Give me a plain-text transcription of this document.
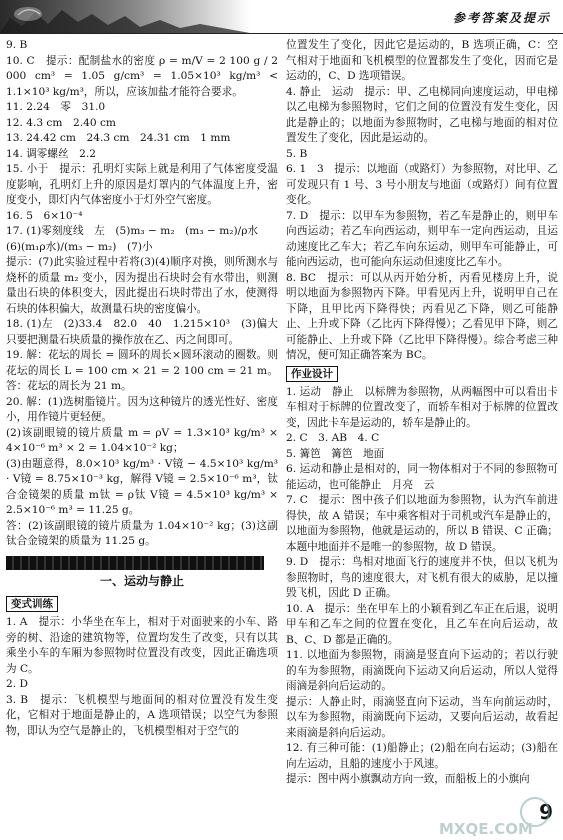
参考答案及提示
9. B
10. C　提示：配制盐水的密度 ρ = m/V = 2 100 g / 2 000 cm³ = 1.05 g/cm³ = 1.05×10³ kg/m³ < 1.1×10³ kg/m³，所以，应该加盐才能符合要求。
11. 2.24　零　31.0
12. 4.3 cm　2.40 cm
13. 24.42 cm　24.3 cm　24.31 cm　1 mm
14. 调零螺丝　2.2
15. 小于　提示：孔明灯实际上就是利用了气体密度受温度影响，孔明灯上升的原因是灯罩内的气体温度上升，密度变小，即灯内气体密度小于灯外空气密度。
16. 5　6×10⁻⁴
17. (1)零刻度线　左　(5)m₃ − m₂　(m₃ − m₂)/ρ水
(6)(m₁ρ水)/(m₃ − m₂)　(7)小
提示：(7)此实验过程中若将(3)(4)顺序对换，则所测水与烧杯的质量 m₂ 变小，因为提出石块时会有水带出，则测量出石块的体积变大，因此提出石块时带出了水，使测得石块的体积偏大，故测量石块的密度偏小。
18. (1)左　(2)33.4　82.0　40　1.215×10³　(3)偏大　只要把测量石块质量的操作放在乙、丙之间即可。
19. 解：花坛的周长 = 圆环的周长×圆环滚动的圈数。则花坛的周长 L = 100 cm × 21 = 2 100 cm = 21 m。答：花坛的周长为 21 m。
20. 解：(1)选树脂镜片。因为这种镜片的透光性好、密度小，用作镜片更轻便。
(2)该副眼镜的镜片质量 m = ρV = 1.3×10³ kg/m³ × 4×10⁻⁶ m³ × 2 = 1.04×10⁻² kg；
(3)由题意得，8.0×10³ kg/m³ · V镜 − 4.5×10³ kg/m³ · V镜 = 8.75×10⁻³ kg，解得 V镜 = 2.5×10⁻⁶ m³，钛合金镜架的质量 m钛 = ρ钛 V镜 = 4.5×10³ kg/m³ × 2.5×10⁻⁶ m³ = 11.25 g。
答：(2)该副眼镜的镜片质量为 1.04×10⁻² kg；(3)这副钛合金镜架的质量为 11.25 g。
一、运动与静止
变式训练
1. A　提示：小华坐在车上，相对于对面驶来的小车、路旁的树、沿途的建筑物等，位置均发生了改变，只有以其乘坐小车的车厢为参照物时位置没有改变，因此正确选项为 C。
2. D
3. B　提示：飞机模型与地面间的相对位置没有发生变化，它相对于地面是静止的，A 选项错误；以空气为参照物，即认为空气是静止的，飞机模型相对于空气的
位置发生了变化，因此它是运动的，B 选项正确，C：空气相对于地面和飞机模型的位置都发生了变化，因而它是运动的，C、D 选项错误。
4. 静止　运动　提示：甲、乙电梯同向速度运动，甲电梯以乙电梯为参照物时，它们之间的位置没有发生变化，因此是静止的；以地面为参照物时，乙电梯与地面的相对位置发生了变化，因此是运动的。
5. B
6. 1　3　提示：以地面（或路灯）为参照物，对比甲、乙可发现只有 1 号、3 号小朋友与地面（或路灯）间有位置变化。
7. D　提示：以甲车为参照物，若乙车是静止的，则甲车向西运动；若乙车向西运动，则甲车一定向西运动，且运动速度比乙车大；若乙车向东运动，则甲车可能静止，可能向西运动，也可能向东运动但速度比乙车小。
8. BC　提示：可以从丙开始分析，丙看见楼房上升，说明以地面为参照物丙下降。甲看见丙上升，说明甲自己在下降，且甲比丙下降得快；丙看见乙下降，则乙可能静止、上升或下降（乙比丙下降得慢）；乙看见甲下降，则乙可能静止、上升或下降（乙比甲下降得慢）。综合考虑三种情况，便可知正确答案为 BC。
作业设计
1. 运动　静止　以标牌为参照物，从两幅图中可以看出卡车相对于标牌的位置改变了，而轿车相对于标牌的位置改变，因此卡车是运动的，轿车是静止的。
2. C　3. AB　4. C
5. 篝笆　篝笆　地面
6. 运动和静止是相对的，同一物体相对于不同的参照物可能运动，也可能静止　月亮　云
7. C　提示：图中孩子们以地面为参照物，认为汽车前进得快，故 A 错误；车中乘客相对于司机或汽车是静止的，以地面为参照物，他就是运动的，所以 B 错误、C 正确；本题中地面并不是唯一的参照物，故 D 错误。
9. D　提示：鸟相对地面飞行的速度并不快，但以飞机为参照物时，鸟的速度很大，对飞机有很大的威胁，足以撞毁飞机，因此 D 正确。
10. A　提示：坐在甲车上的小颖看到乙车正在后退，说明甲车和乙车之间的位置在变化，且乙车在向后运动，故 B、C、D 都是正确的。
11. 以地面为参照物，雨滴是竖直向下运动的；若以行驶的车为参照物，雨滴既向下运动又向后运动，所以人觉得雨滴是斜向后运动的。
提示：人静止时，雨滴竖直向下运动，当车向前运动时，以车为参照物，雨滴既向下运动，又要向后运动，故看起来雨滴是斜向后运动。
12. 有三种可能：(1)船静止；(2)船在向右运动；(3)船在向左运动，且船的速度小于风速。
提示：图中两小旗飘动方向一致，而船板上的小旗向
9
MXQE.COM
